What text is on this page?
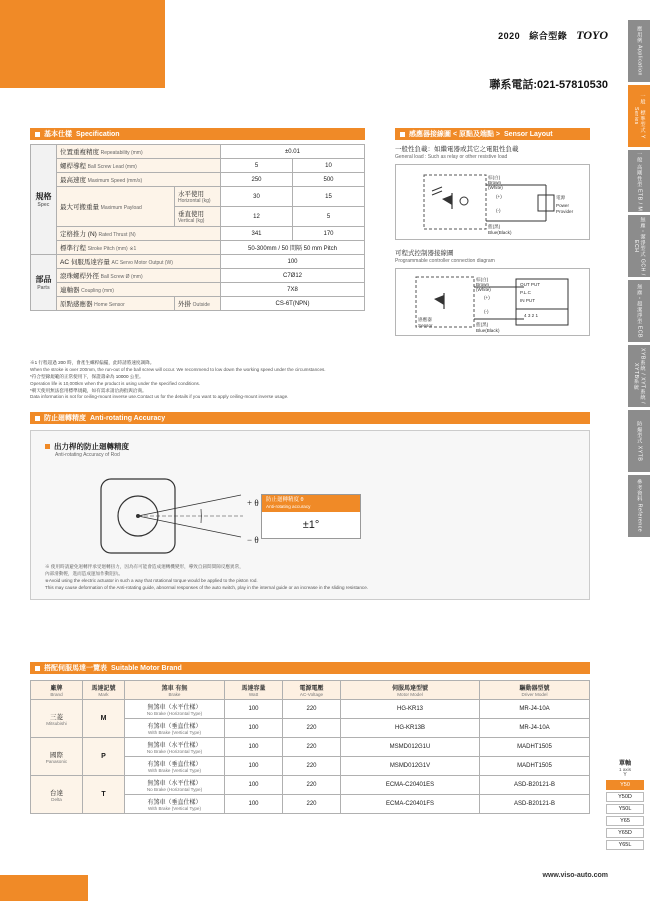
2020 綜合型錄 TOYO
聯系電話:021-57810530
應用例 Application
一般　標準型式 Y Series
一般 高剛性型 ETB / M
無塵・潔淨型式 GCH / ECH
無塵・超潔淨型 ECB
XYB系統 / XYT系統 / XYTB系統
防爆型式 XYTB
參考資料 Reference
基本仕樣 Specification
規格
Spec	位置重複精度 Repeatability (mm)		±0.01	
	螺桿導程 Ball Screw Lead (mm)		5	10
	最高速度 Maximum Speed (mm/s)		250	500
	最大可搬重量 Maximum Payload	水平使用 Horizontal (kg)	30	15
		垂直使用 Vertical (kg)	12	5
	定格推力 (N) Rated Thrust (N)		341	170
	標準行程 Stroke Pitch (mm) ※1		50-300mm / 50 間隔 50 mm Pitch	

部品
Parts	AC 伺服馬達容量 AC Servo Motor Output (W)		100	
	滾珠螺桿外徑 Ball Screw Ø (mm)		C7Ø12	
	連軸器 Coupling (mm)		7X8	
	原點感應器 Home Sensor	外掛 Outside	CS-6T(NPN)	
※1 行程超過 200 時，會產生螺桿偏擺，此時請將速度調降。
When the stroke is over 200mm, the run-out of the ball screw will occur. We recommend to low down the working speed under the circumstances.
*符合型錄規範的正常使用下，保證壽命為 10000 公里。
Operation life is 10,000km when the product is using under the specified conditions.
*朝天使用無法套用標準規範，如有需求請洽詢指與洽商。
Data information is not for ceiling-mount inverse use.Contact us for the details if you want to apply ceiling-mount inverse usage.
感應器接線圖 < 原點及端點 > Sensor Layout
一般性負載：如繼電器或其它之電阻性負載
General load : Such as relay or other resistive load
棕(白)
Brown
(White)
(+)
(-)
藍(黑)
Blue(Black)
電源
Power
Provider
可程式控制器接線圖
Programmable controller connection diagram
棕(白)
Brown
(White)
(+)
(-)
藍(黑)
Blue(Black)
OUT PUT
P.L.C
IN PUT
4 3 2 1
感應器
Sensor
防止廻轉精度 Anti-rotating Accuracy
出力桿的防止廻轉精度
Anti-rotating Accuracy of Rod
+ θ
− θ
防止廻轉精度 θ
Anti-rotating accuracy
±1°
※ 使用時請避免迴轉伴承受廻轉扭力，因為有可能會造成廻轉機變形，導致自鈕間間隙反應異常，
內部滑動輕，進而造成運加作動阻抗。
※Avoid using the electric actuator in such a way that rotational torque would be applied to the piston rod.
This may cause deformation of the Anti-rotating guide, abnormal responses of the auto switch, play in the internal guide or an increase in the sliding resistance.
搭配伺服馬達一覽表 Suitable Motor Brand
廠牌
Brand	馬達記號
Mark	煞車 有無
Brake	馬達容量
Watt	電源電壓
AC-Voltage	伺服馬達型號
Motor Model	驅動器型號
Driver Model

三菱
Mitsubishi	M	無煞車（水平仕樣）
No Brake (Horizontal Type)	100	220	HG-KR13	MR-J4-10A
		有煞車（垂直仕樣）
With Brake (Vertical Type)	100	220	HG-KR13B	MR-J4-10A
國際
Panasonic	P	無煞車（水平仕樣）
No Brake (Horizontal Type)	100	220	MSMD012G1U	MADHT1505
		有煞車（垂直仕樣）
With Brake (Vertical Type)	100	220	MSMD012G1V	MADHT1505
台達
Delta	T	無煞車（水平仕樣）
No Brake (Horizontal Type)	100	220	ECMA-C20401ES	ASD-B20121-B
		有煞車（垂直仕樣）
With Brake (Vertical Type)	100	220	ECMA-C20401FS	ASD-B20121-B
單軸
1 axis
Y
Y50
Y50D
Y50L
Y65
Y65D
Y65L
www.viso-auto.com
